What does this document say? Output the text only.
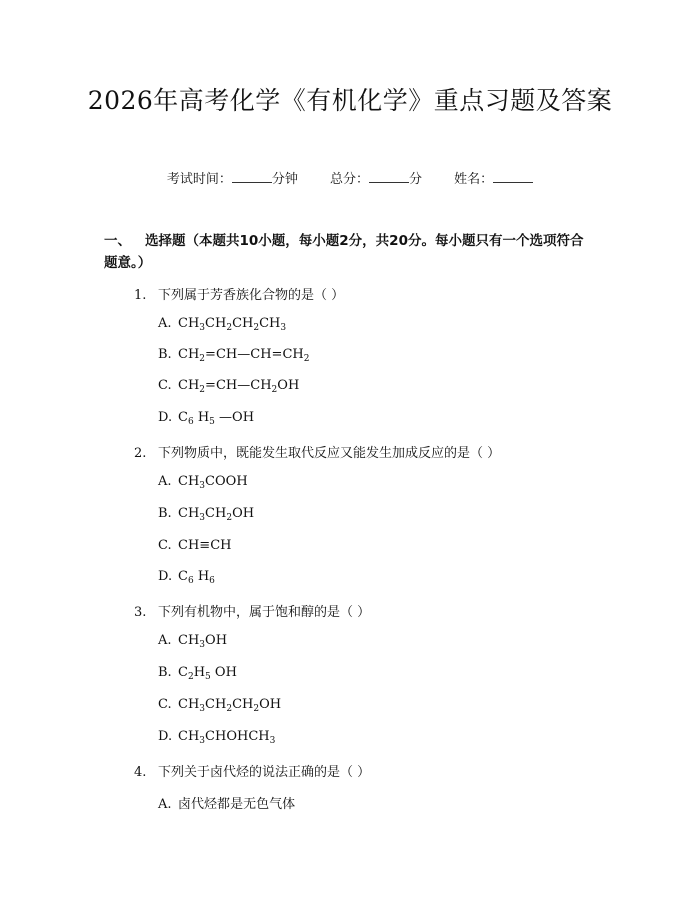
2026年高考化学《有机化学》重点习题及答案
考试时间：	分钟 总分：	分 姓名：
一、 选择题（本题共10小题，每小题2分，共20分。每小题只有一个选项符合题意。）
1. 下列属于芳香族化合物的是（ ）
A. $CH_3CH_2CH_2CH_3$
B. $CH_2=CH—CH=CH_2$
C. $CH_2=CH—CH_2OH$
D. $C_6$ $H_5$ —OH
2. 下列物质中，既能发生取代反应又能发生加成反应的是（ ）
A. $CH_3COOH$
B. $CH_3CH_2OH$
C. CH≡CH
D. $C_6$ $H_6$
3. 下列有机物中，属于饱和醇的是（ ）
A. $CH_3OH$
B. $C_2H_5$ OH
C. $CH_3CH_2CH_2OH$
D. $CH_3CHOHCH_3$
4. 下列关于卤代烃的说法正确的是（ ）
A. 卤代烃都是无色气体
